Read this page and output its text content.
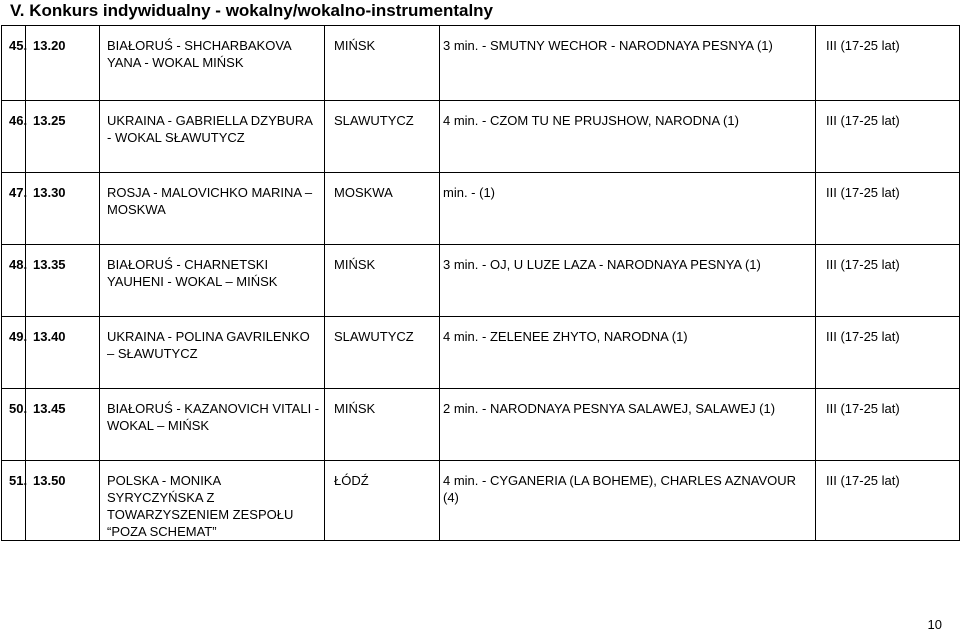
V. Konkurs indywidualny - wokalny/wokalno-instrumentalny
45.	13.20	BIAŁORUŚ - SHCHARBAKOVA YANA - WOKAL MIŃSK	MIŃSK	3 min. - SMUTNY WECHOR - NARODNAYA PESNYA (1)	III (17-25 lat)
46.	13.25	UKRAINA - GABRIELLA DZYBURA - WOKAL SŁAWUTYCZ	SLAWUTYCZ	4 min. - CZOM TU NE PRUJSHOW, NARODNA (1)	III (17-25 lat)
47.	13.30	ROSJA - MALOVICHKO MARINA – MOSKWA	MOSKWA	min. - (1)	III (17-25 lat)
48.	13.35	BIAŁORUŚ - CHARNETSKI YAUHENI - WOKAL – MIŃSK	MIŃSK	3 min. - OJ, U LUZE LAZA - NARODNAYA PESNYA (1)	III (17-25 lat)
49.	13.40	UKRAINA - POLINA GAVRILENKO – SŁAWUTYCZ	SLAWUTYCZ	4 min. - ZELENEE ZHYTO, NARODNA (1)	III (17-25 lat)
50.	13.45	BIAŁORUŚ - KAZANOVICH VITALI - WOKAL – MIŃSK	MIŃSK	2 min. - NARODNAYA PESNYA SALAWEJ, SALAWEJ (1)	III (17-25 lat)
51.	13.50	POLSKA - MONIKA SYRYCZYŃSKA Z TOWARZYSZENIEM ZESPOŁU “POZA SCHEMAT”	ŁÓDŹ	4 min. - CYGANERIA (LA BOHEME), CHARLES AZNAVOUR (4)	III (17-25 lat)
10
